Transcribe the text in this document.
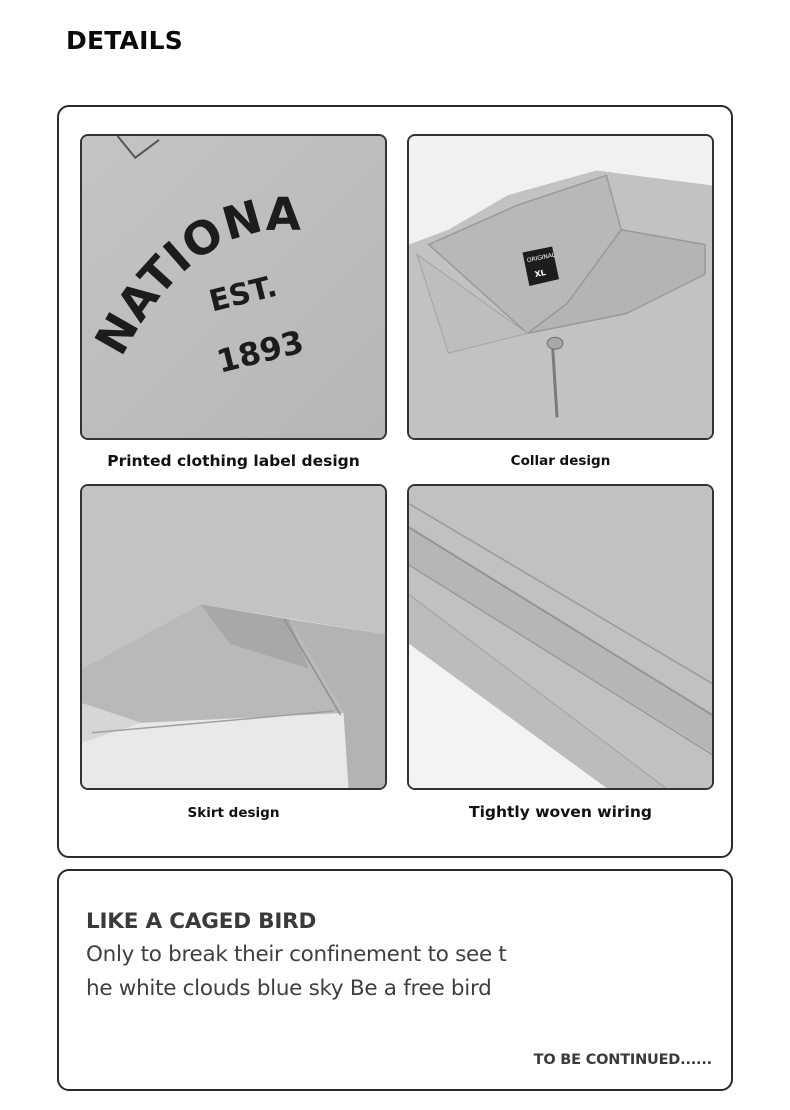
DETAILS
NATIONA
EST.
1893
Printed clothing label design
ORIGINAL
XL
Collar design
Skirt design	Tightly woven wiring
LIKE A CAGED BIRD

Only to break their confinement to see t

he white clouds blue sky Be a free bird

TO BE CONTINUED......
